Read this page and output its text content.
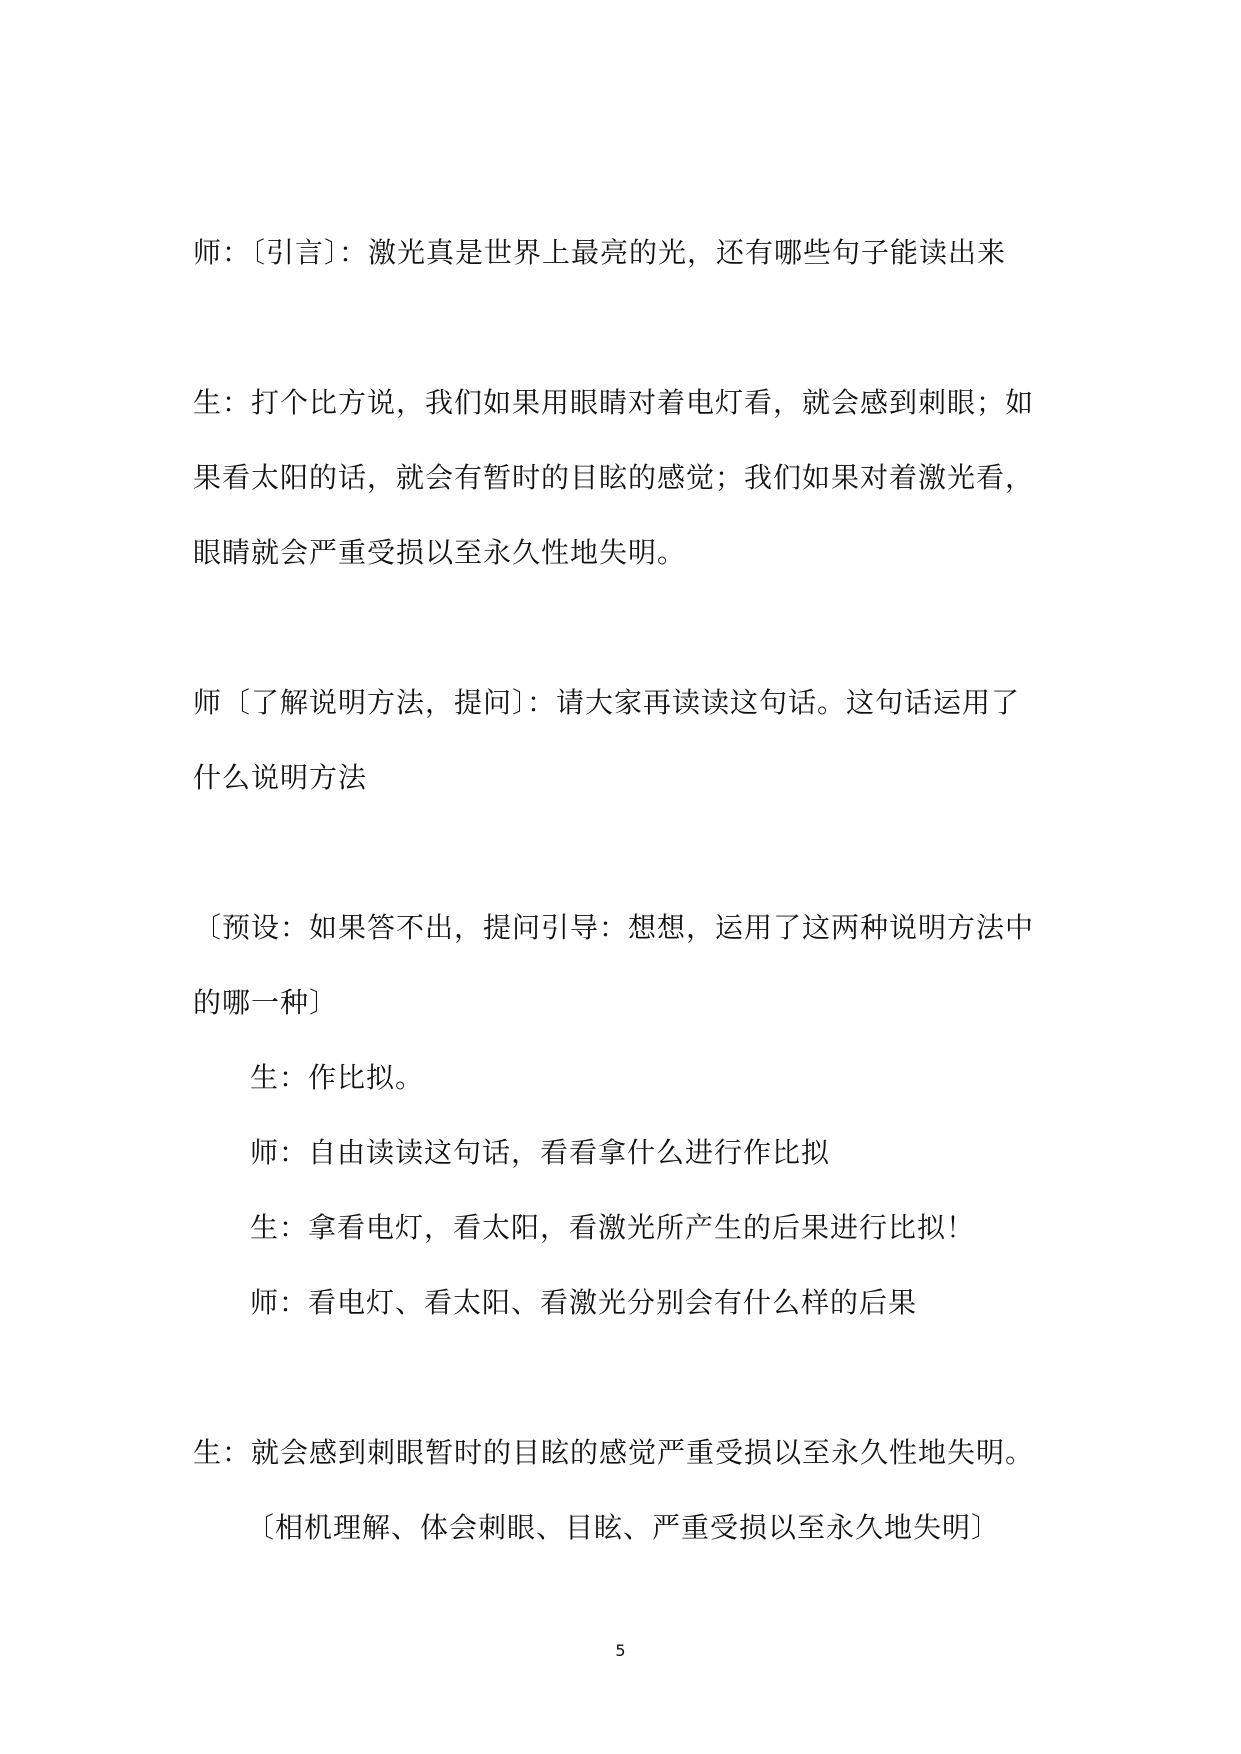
师：〔引言〕：激光真是世界上最亮的光，还有哪些句子能读出来
生：打个比方说，我们如果用眼睛对着电灯看，就会感到刺眼；如
果看太阳的话，就会有暂时的目眩的感觉；我们如果对着激光看，
眼睛就会严重受损以至永久性地失明。
师〔了解说明方法，提问〕：请大家再读读这句话。这句话运用了
什么说明方法
〔预设：如果答不出，提问引导：想想，运用了这两种说明方法中
的哪一种〕
生：作比拟。
师：自由读读这句话，看看拿什么进行作比拟
生：拿看电灯，看太阳，看激光所产生的后果进行比拟！
师：看电灯、看太阳、看激光分别会有什么样的后果
生：就会感到刺眼暂时的目眩的感觉严重受损以至永久性地失明。
〔相机理解、体会刺眼、目眩、严重受损以至永久地失明〕
5
